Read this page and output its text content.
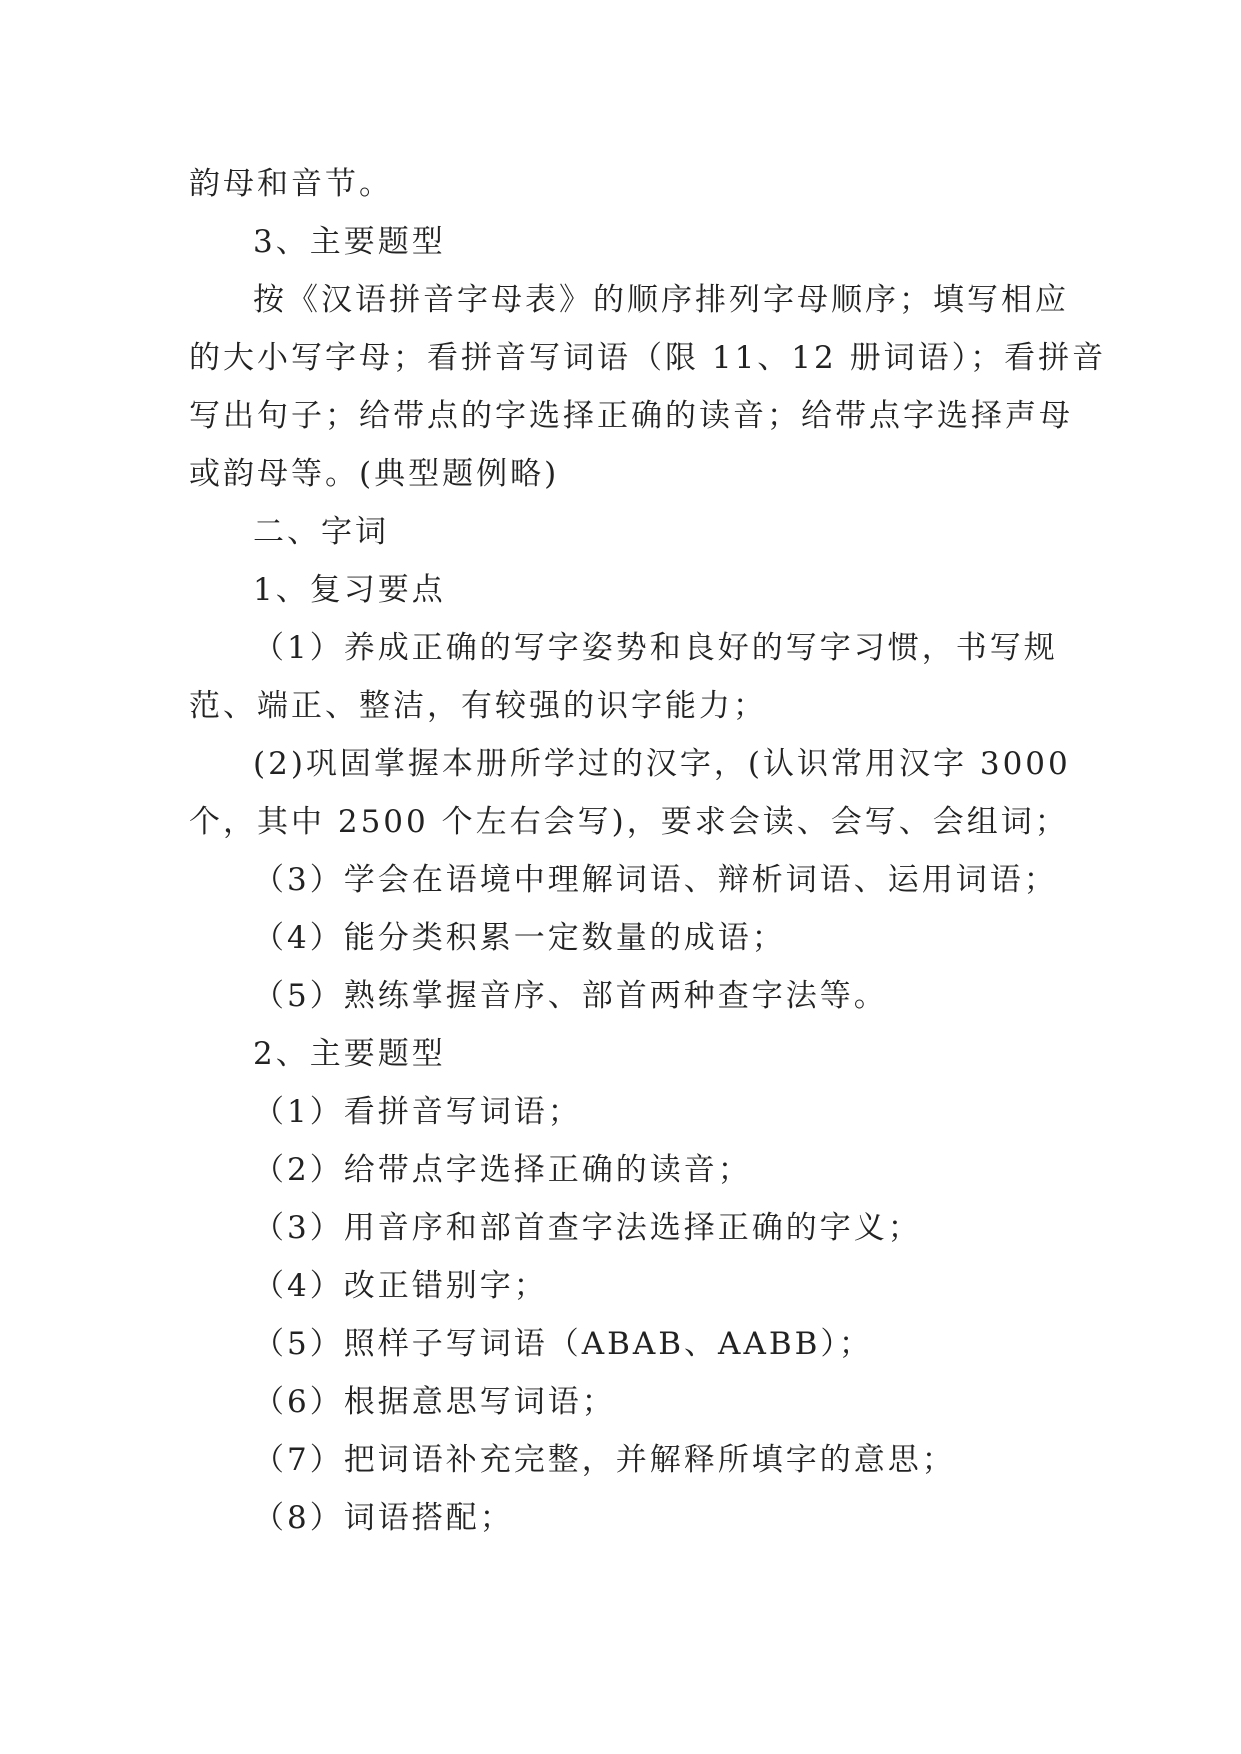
韵母和音节。
3、主要题型
按《汉语拼音字母表》的顺序排列字母顺序；填写相应
的大小写字母；看拼音写词语（限 11、12 册词语）；看拼音
写出句子；给带点的字选择正确的读音；给带点字选择声母
或韵母等。(典型题例略)
二、字词
1、复习要点
（1）养成正确的写字姿势和良好的写字习惯，书写规
范、端正、整洁，有较强的识字能力；
(2)巩固掌握本册所学过的汉字，(认识常用汉字 3000
个，其中 2500 个左右会写)，要求会读、会写、会组词；
（3）学会在语境中理解词语、辩析词语、运用词语；
（4）能分类积累一定数量的成语；
（5）熟练掌握音序、部首两种查字法等。
2、主要题型
（1）看拼音写词语；
（2）给带点字选择正确的读音；
（3）用音序和部首查字法选择正确的字义；
（4）改正错别字；
（5）照样子写词语（ABAB、AABB）；
（6）根据意思写词语；
（7）把词语补充完整，并解释所填字的意思；
（8）词语搭配；
